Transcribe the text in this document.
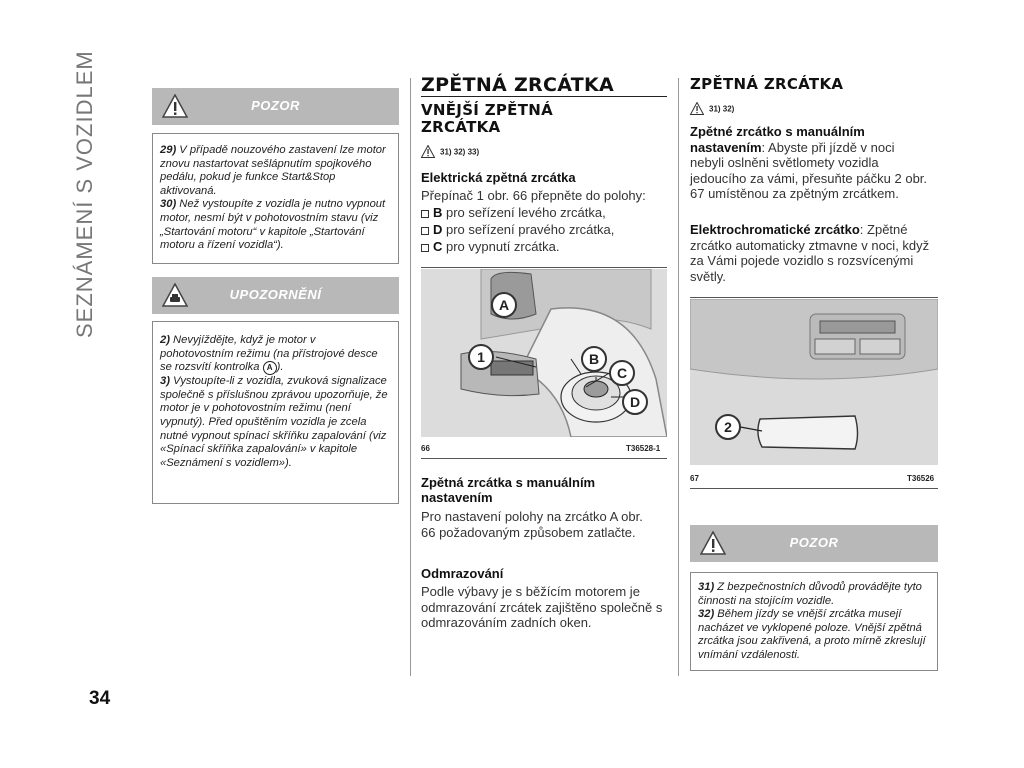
SEZNÁMENÍ S VOZIDLEM
34
POZOR

29) V případě nouzového zastavení lze motor znovu nastartovat sešlápnutím spojkového pedálu, pokud je funkce Start&Stop aktivovaná.

30) Než vystoupíte z vozidla je nutno vypnout motor, nesmí být v pohotovostním stavu (viz „Startování motoru“ v kapitole „Startování motoru a řízení vozidla“).

UPOZORNĚNÍ

2) Nevyjíždějte, když je motor v pohotovostním režimu (na přístrojové desce se rozsvítí kontrolka A ).

3) Vystoupíte-li z vozidla, zvuková signalizace společně s příslušnou zprávou upozorňuje, že motor je v pohotovostním režimu (není vypnutý). Před opuštěním vozidla je zcela nutné vypnout spínací skříňku zapalování (viz «Spínací skříňka zapalování» v kapitole «Seznámení s vozidlem»).

ZPĚTNÁ ZRCÁTKA
VNĚJŠÍ ZPĚTNÁ
ZRCÁTKA
31) 32) 33)
Elektrická zpětná zrcátka
Přepínač 1 obr. 66 přepněte do polohy:
B pro seřízení levého zrcátka,
D pro seřízení pravého zrcátka,
C pro vypnutí zrcátka.
A
1	B
C
D
66	T36528-1
Zpětná zrcátka s manuálním
nastavením
Pro nastavení polohy na zrcátko A obr. 66 požadovaným způsobem zatlačte.
Odmrazování
Podle výbavy je s běžícím motorem je odmrazování zrcátek zajištěno společně s odmrazováním zadních oken.
ZPĚTNÁ ZRCÁTKA
31) 32)
Zpětné zrcátko s manuálním nastavením: Abyste při jízdě v noci nebyli oslněni světlomety vozidla jedoucího za vámi, přesuňte páčku 2 obr. 67 umístěnou za zpětným zrcátkem.
Elektrochromatické zrcátko: Zpětné zrcátko automaticky ztmavne v noci, když za Vámi pojede vozidlo s rozsvícenými světly.
2
67	T36526
POZOR

31) Z bezpečnostních důvodů provádějte tyto činnosti na stojícím vozidle.

32) Během jízdy se vnější zrcátka musejí nacházet ve vyklopené poloze. Vnější zpětná zrcátka jsou zakřivená, a proto mírně zkreslují vnímání vzdálenosti.
